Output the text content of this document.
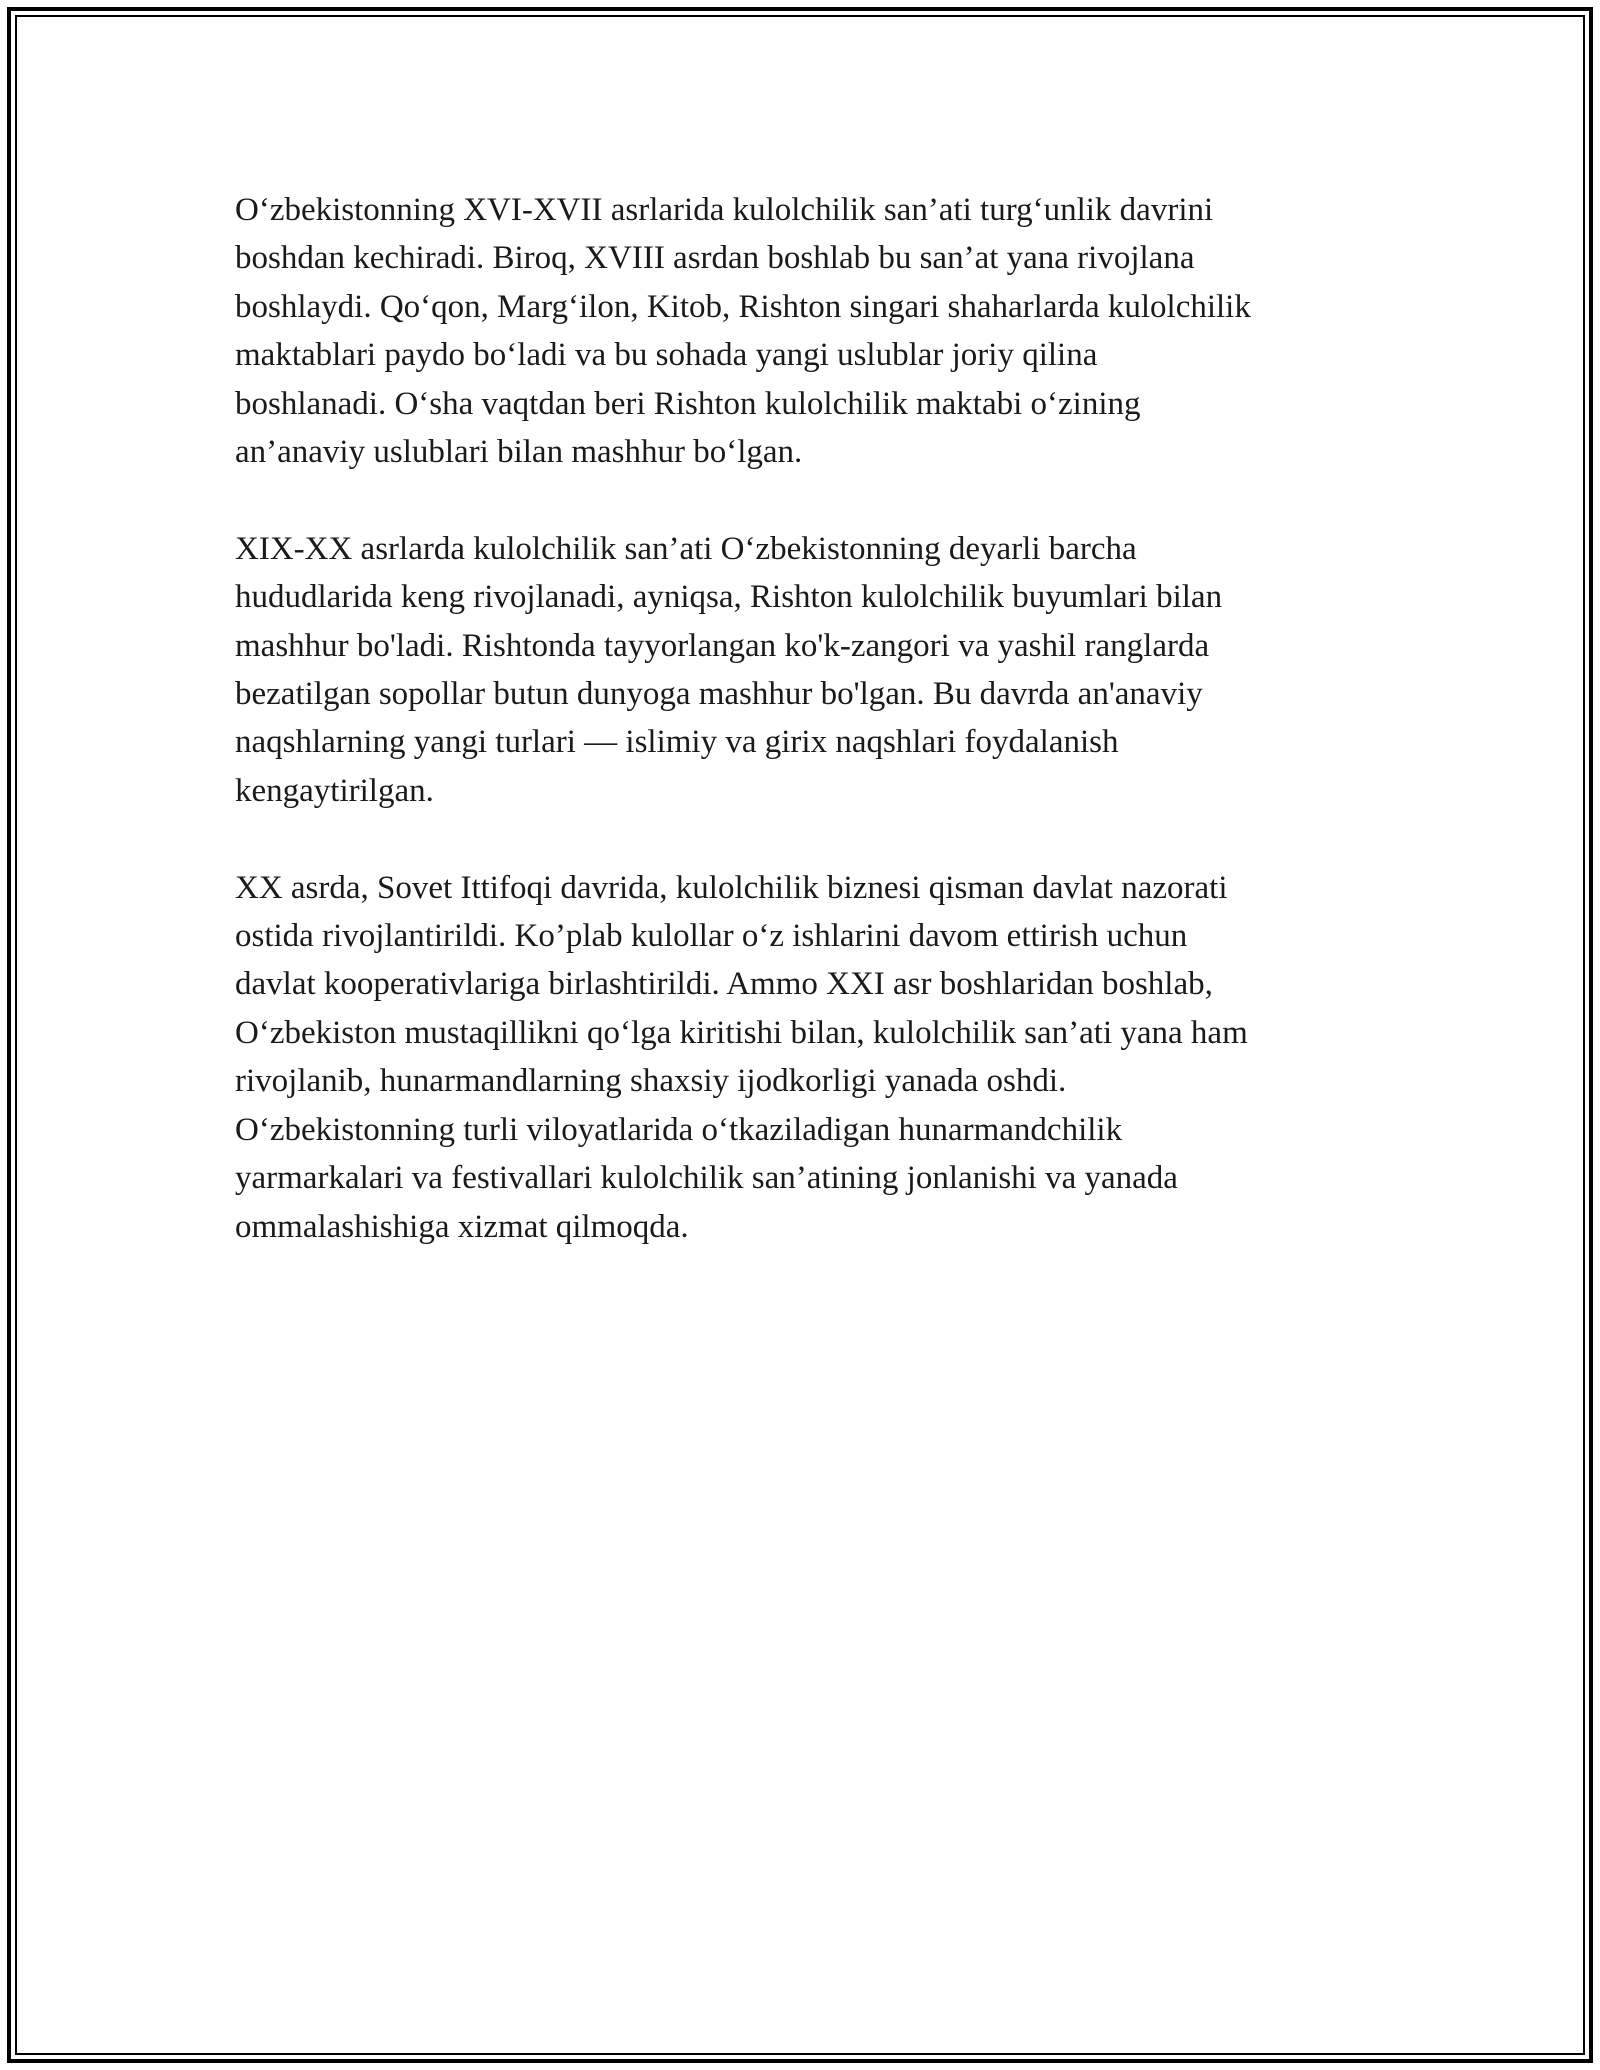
O‘zbekistonning XVI-XVII asrlarida kulolchilik san’ati turg‘unlik davrini
boshdan kechiradi. Biroq, XVIII asrdan boshlab bu san’at yana rivojlana
boshlaydi. Qo‘qon, Marg‘ilon, Kitob, Rishton singari shaharlarda kulolchilik
maktablari paydo bo‘ladi va bu sohada yangi uslublar joriy qilina
boshlanadi. O‘sha vaqtdan beri Rishton kulolchilik maktabi o‘zining
an’anaviy uslublari bilan mashhur bo‘lgan.

XIX-XX asrlarda kulolchilik san’ati O‘zbekistonning deyarli barcha
hududlarida keng rivojlanadi, ayniqsa, Rishton kulolchilik buyumlari bilan
mashhur bo'ladi. Rishtonda tayyorlangan ko'k-zangori va yashil ranglarda
bezatilgan sopollar butun dunyoga mashhur bo'lgan. Bu davrda an'anaviy
naqshlarning yangi turlari — islimiy va girix naqshlari foydalanish
kengaytirilgan.

XX asrda, Sovet Ittifoqi davrida, kulolchilik biznesi qisman davlat nazorati
ostida rivojlantirildi. Ko’plab kulollar o‘z ishlarini davom ettirish uchun
davlat kooperativlariga birlashtirildi. Ammo XXI asr boshlaridan boshlab,
O‘zbekiston mustaqillikni qo‘lga kiritishi bilan, kulolchilik san’ati yana ham
rivojlanib, hunarmandlarning shaxsiy ijodkorligi yanada oshdi.
O‘zbekistonning turli viloyatlarida o‘tkaziladigan hunarmandchilik
yarmarkalari va festivallari kulolchilik san’atining jonlanishi va yanada
ommalashishiga xizmat qilmoqda.
